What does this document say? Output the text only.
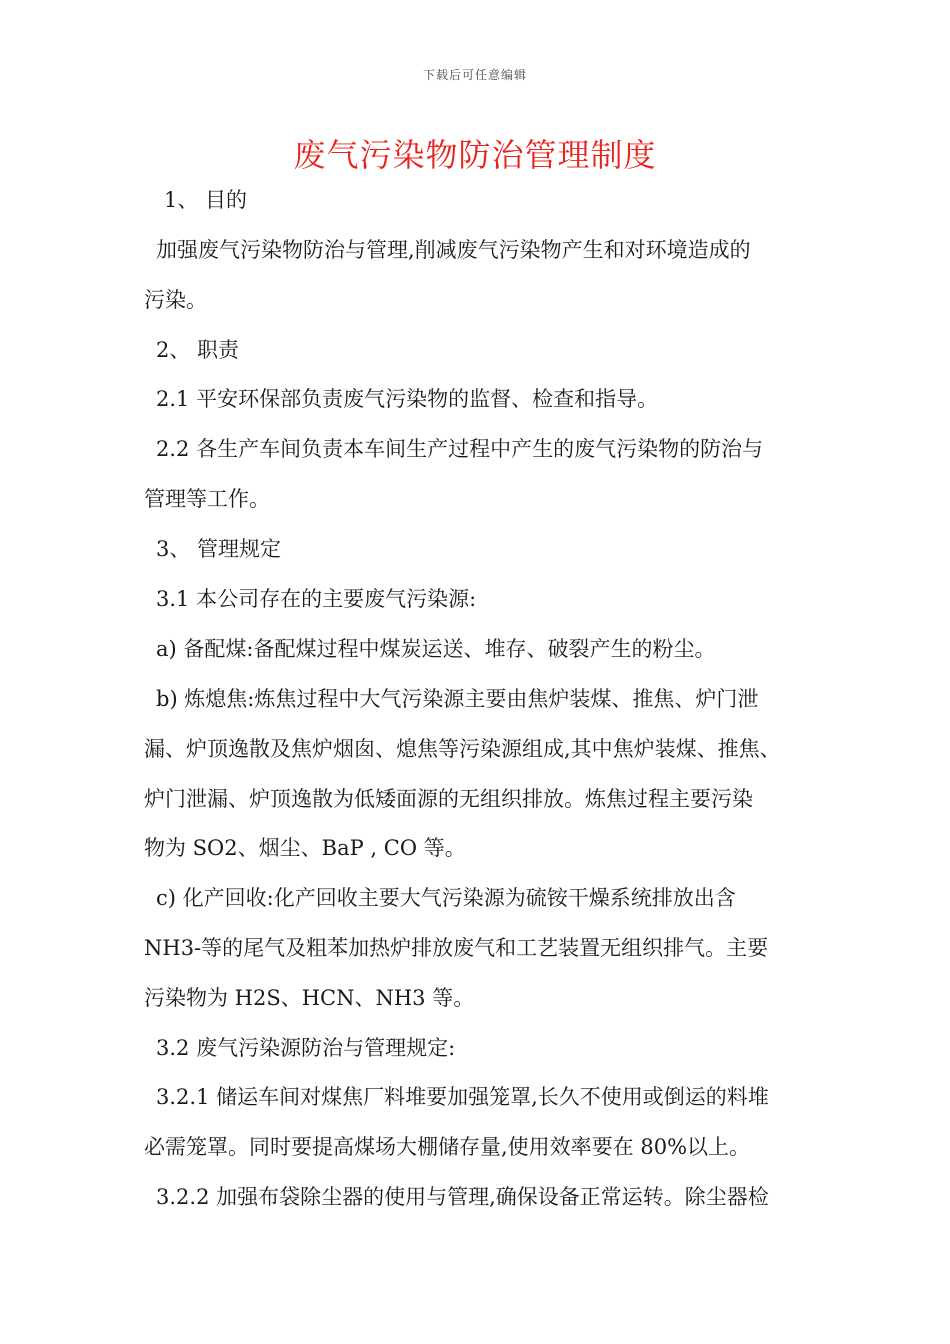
下载后可任意编辑
废气污染物防治管理制度
1、 目的
加强废气污染物防治与管理,削减废气污染物产生和对环境造成的
污染。
2、 职责
2.1 平安环保部负责废气污染物的监督、检查和指导。
2.2 各生产车间负责本车间生产过程中产生的废气污染物的防治与
管理等工作。
3、 管理规定
3.1 本公司存在的主要废气污染源:
a) 备配煤:备配煤过程中煤炭运送、堆存、破裂产生的粉尘。
b) 炼熄焦:炼焦过程中大气污染源主要由焦炉装煤、推焦、炉门泄
漏、炉顶逸散及焦炉烟囱、熄焦等污染源组成,其中焦炉装煤、推焦、
炉门泄漏、炉顶逸散为低矮面源的无组织排放。炼焦过程主要污染
物为 SO2、烟尘、BaP , CO 等。
c) 化产回收:化产回收主要大气污染源为硫铵干燥系统排放出含
NH3-等的尾气及粗苯加热炉排放废气和工艺装置无组织排气。主要
污染物为 H2S、HCN、NH3 等。
3.2 废气污染源防治与管理规定:
3.2.1 储运车间对煤焦厂料堆要加强笼罩,长久不使用或倒运的料堆
必需笼罩。同时要提高煤场大棚储存量,使用效率要在 80%以上。
3.2.2 加强布袋除尘器的使用与管理,确保设备正常运转。除尘器检
